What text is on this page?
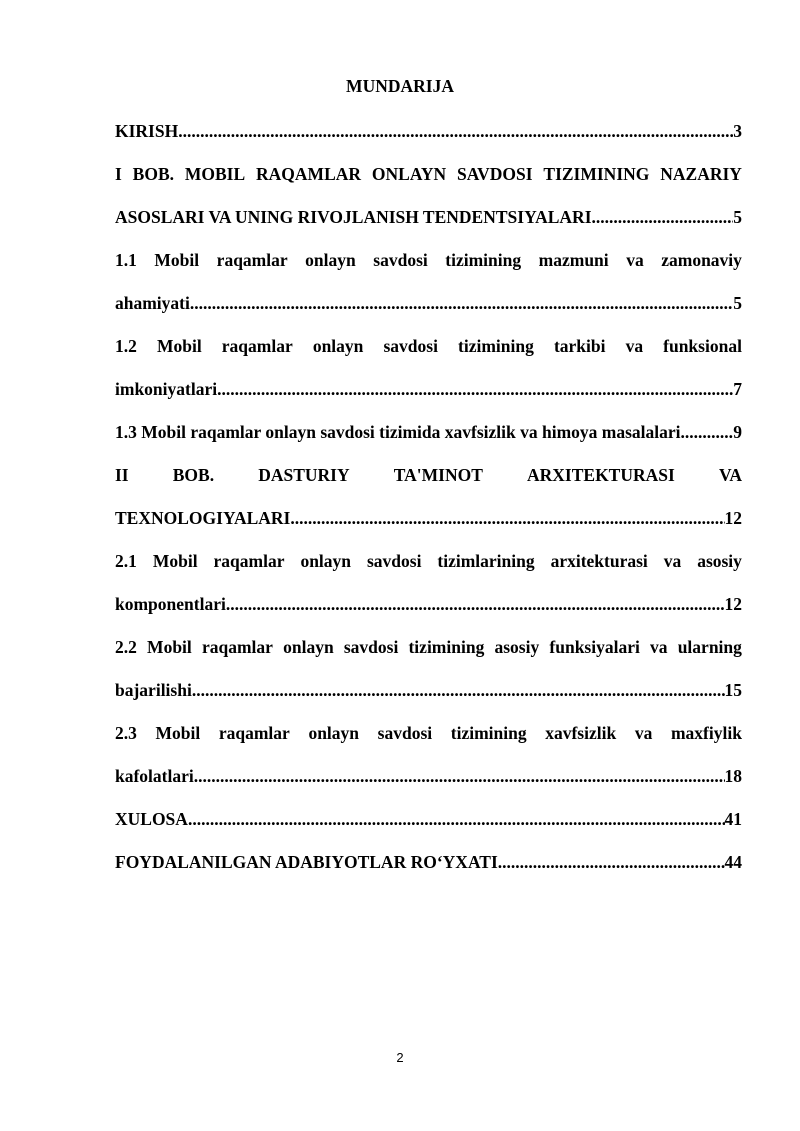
MUNDARIJA
KIRISH .....	3
I BOB. MOBIL RAQAMLAR ONLAYN SAVDOSI TIZIMINING NAZARIY
ASOSLARI VA UNING RIVOJLANISH TENDENTSIYALARI .....	5
1.1 Mobil raqamlar onlayn savdosi tizimining mazmuni va zamonaviy
ahamiyati .....	5
1.2 Mobil raqamlar onlayn savdosi tizimining tarkibi va funksional
imkoniyatlari .....	7
1.3 Mobil raqamlar onlayn savdosi tizimida xavfsizlik va himoya masalalari .....	9
II	BOB.	DASTURIY	TA'MINOT	ARXITEKTURASI	VA
TEXNOLOGIYALARI .....	12
2.1 Mobil raqamlar onlayn savdosi tizimlarining arxitekturasi va asosiy
komponentlari .....	12
2.2 Mobil raqamlar onlayn savdosi tizimining asosiy funksiyalari va ularning
bajarilishi .....	15
2.3 Mobil raqamlar onlayn savdosi tizimining xavfsizlik va maxfiylik
kafolatlari .....	18
XULOSA .....	41
FOYDALANILGAN ADABIYOTLAR RO‘YXATI .....	44
2
